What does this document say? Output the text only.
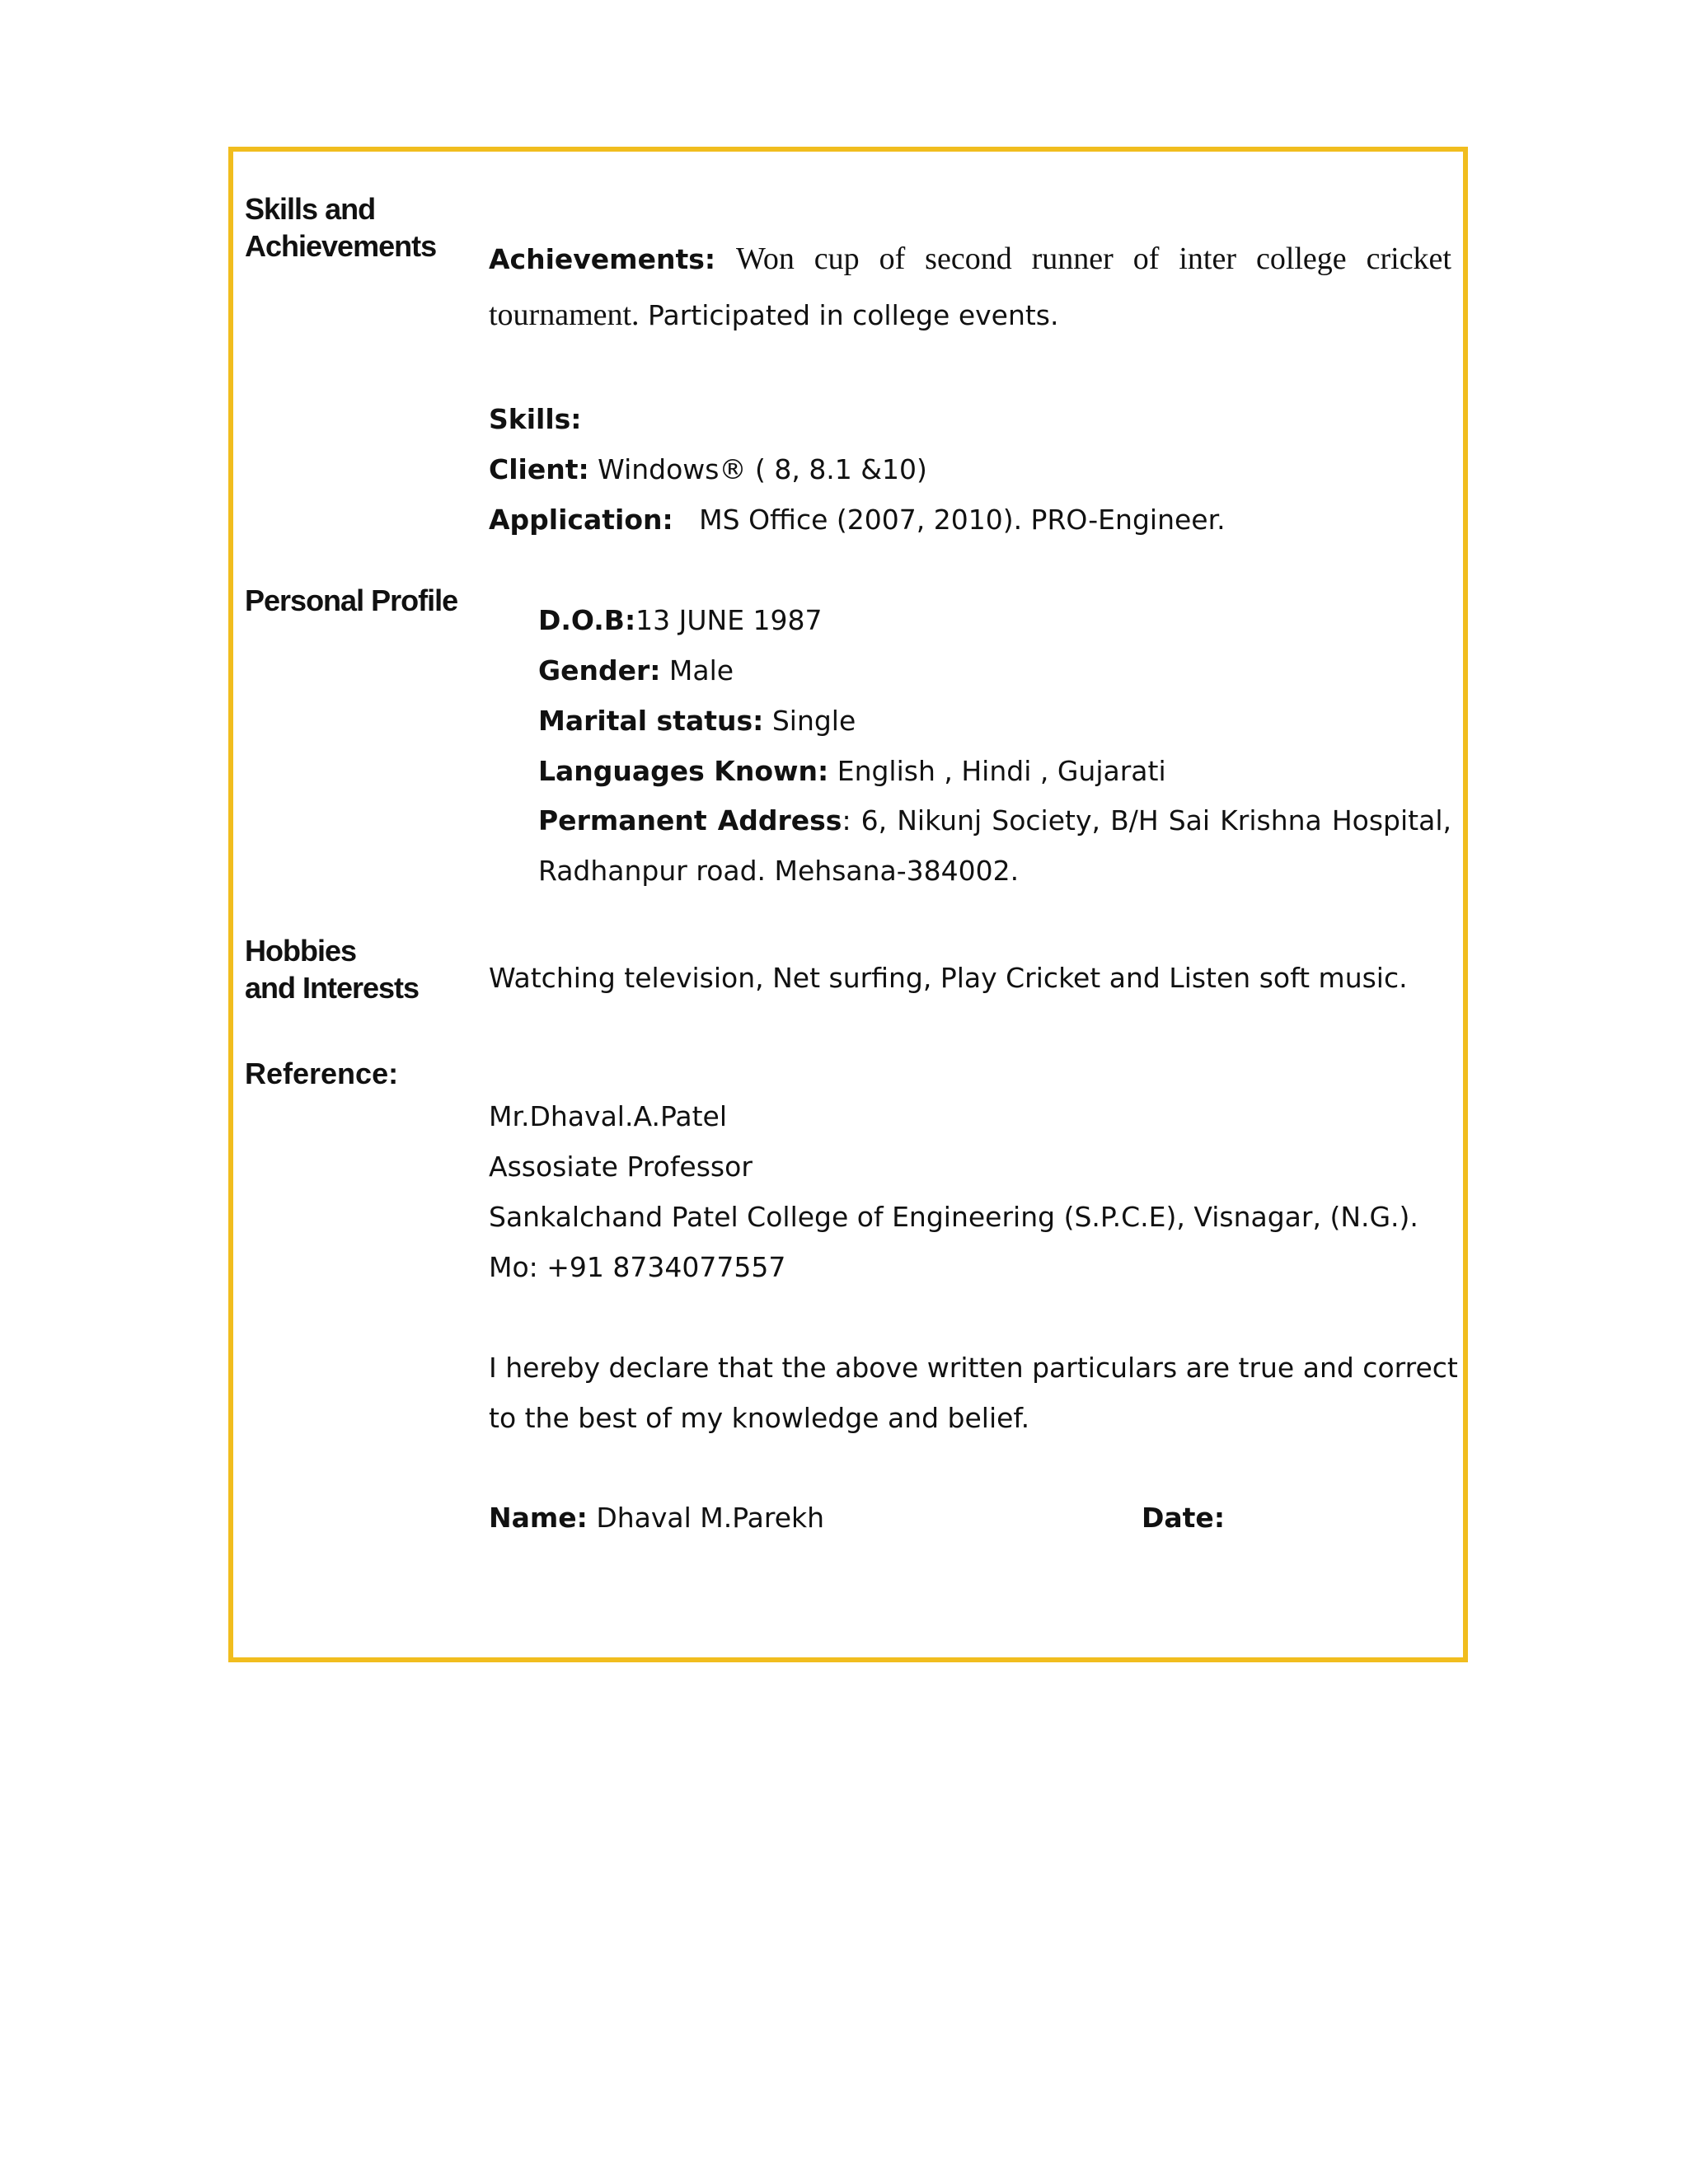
Skills and
Achievements
Personal Profile
Hobbies
and Interests
Reference:
Achievements: Won cup of second runner of inter college cricket
tournament. Participated in college events.
Skills:
Client: Windows® ( 8, 8.1 &10)
Application:   MS Office (2007, 2010). PRO-Engineer.
D.O.B:13 JUNE 1987
Gender: Male
Marital status: Single
Languages Known: English , Hindi , Gujarati
Permanent Address: 6, Nikunj Society, B/H Sai Krishna Hospital,
Radhanpur road. Mehsana-384002.
Watching television, Net surfing, Play Cricket and Listen soft music.
Mr.Dhaval.A.Patel
Assosiate Professor
Sankalchand Patel College of Engineering (S.P.C.E), Visnagar, (N.G.).
Mo: +91 8734077557
I hereby declare that the above written particulars are true and correct
to the best of my knowledge and belief.
Name: Dhaval M.Parekh	Date:
